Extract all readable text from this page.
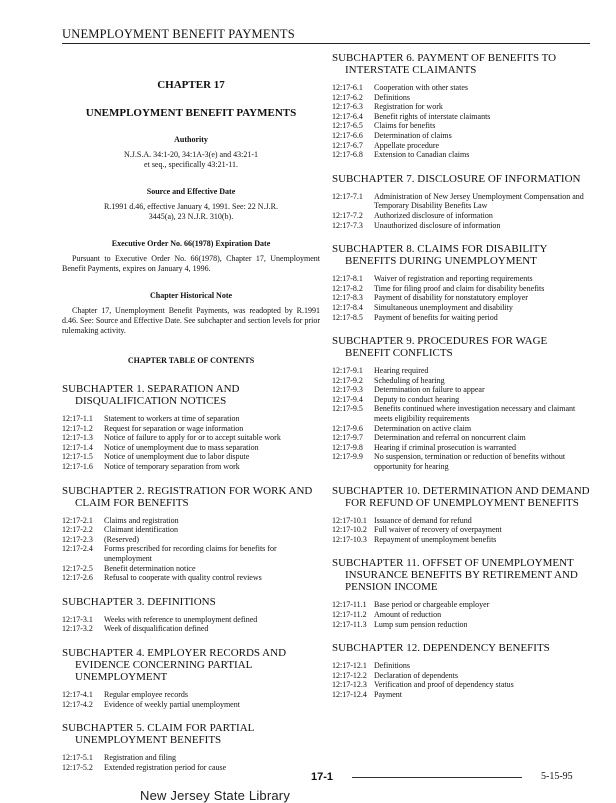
UNEMPLOYMENT BENEFIT PAYMENTS
CHAPTER 17
UNEMPLOYMENT BENEFIT PAYMENTS
Authority
N.J.S.A. 34:1-20, 34:1A-3(e) and 43:21-1 et seq., specifically 43:21-11.
Source and Effective Date
R.1991 d.46, effective January 4, 1991. See: 22 N.J.R. 3445(a), 23 N.J.R. 310(b).
Executive Order No. 66(1978) Expiration Date
Pursuant to Executive Order No. 66(1978), Chapter 17, Unemployment Benefit Payments, expires on January 4, 1996.
Chapter Historical Note
Chapter 17, Unemployment Benefit Payments, was readopted by R.1991 d.46. See: Source and Effective Date. See subchapter and section levels for prior rulemaking activity.
CHAPTER TABLE OF CONTENTS
SUBCHAPTER 1. SEPARATION AND DISQUALIFICATION NOTICES
12:17-1.1	Statement to workers at time of separation
12:17-1.2	Request for separation or wage information
12:17-1.3	Notice of failure to apply for or to accept suitable work
12:17-1.4	Notice of unemployment due to mass separation
12:17-1.5	Notice of unemployment due to labor dispute
12:17-1.6	Notice of temporary separation from work
SUBCHAPTER 2. REGISTRATION FOR WORK AND CLAIM FOR BENEFITS
12:17-2.1	Claims and registration
12:17-2.2	Claimant identification
12:17-2.3	(Reserved)
12:17-2.4	Forms prescribed for recording claims for benefits for unemployment
12:17-2.5	Benefit determination notice
12:17-2.6	Refusal to cooperate with quality control reviews
SUBCHAPTER 3. DEFINITIONS
12:17-3.1	Weeks with reference to unemployment defined
12:17-3.2	Week of disqualification defined
SUBCHAPTER 4. EMPLOYER RECORDS AND EVIDENCE CONCERNING PARTIAL UNEMPLOYMENT
12:17-4.1	Regular employee records
12:17-4.2	Evidence of weekly partial unemployment
SUBCHAPTER 5. CLAIM FOR PARTIAL UNEMPLOYMENT BENEFITS
12:17-5.1	Registration and filing
12:17-5.2	Extended registration period for cause
SUBCHAPTER 6. PAYMENT OF BENEFITS TO INTERSTATE CLAIMANTS
12:17-6.1	Cooperation with other states
12:17-6.2	Definitions
12:17-6.3	Registration for work
12:17-6.4	Benefit rights of interstate claimants
12:17-6.5	Claims for benefits
12:17-6.6	Determination of claims
12:17-6.7	Appellate procedure
12:17-6.8	Extension to Canadian claims
SUBCHAPTER 7. DISCLOSURE OF INFORMATION
12:17-7.1	Administration of New Jersey Unemployment Compensation and Temporary Disability Benefits Law
12:17-7.2	Authorized disclosure of information
12:17-7.3	Unauthorized disclosure of information
SUBCHAPTER 8. CLAIMS FOR DISABILITY BENEFITS DURING UNEMPLOYMENT
12:17-8.1	Waiver of registration and reporting requirements
12:17-8.2	Time for filing proof and claim for disability benefits
12:17-8.3	Payment of disability for nonstatutory employer
12:17-8.4	Simultaneous unemployment and disability
12:17-8.5	Payment of benefits for waiting period
SUBCHAPTER 9. PROCEDURES FOR WAGE BENEFIT CONFLICTS
12:17-9.1	Hearing required
12:17-9.2	Scheduling of hearing
12:17-9.3	Determination on failure to appear
12:17-9.4	Deputy to conduct hearing
12:17-9.5	Benefits continued where investigation necessary and claimant meets eligibility requirements
12:17-9.6	Determination on active claim
12:17-9.7	Determination and referral on noncurrent claim
12:17-9.8	Hearing if criminal prosecution is warranted
12:17-9.9	No suspension, termination or reduction of benefits without opportunity for hearing
SUBCHAPTER 10. DETERMINATION AND DEMAND FOR REFUND OF UNEMPLOYMENT BENEFITS
12:17-10.1 Issuance of demand for refund
12:17-10.2 Full waiver of recovery of overpayment
12:17-10.3 Repayment of unemployment benefits
SUBCHAPTER 11. OFFSET OF UNEMPLOYMENT INSURANCE BENEFITS BY RETIREMENT AND PENSION INCOME
12:17-11.1 Base period or chargeable employer
12:17-11.2 Amount of reduction
12:17-11.3 Lump sum pension reduction
SUBCHAPTER 12. DEPENDENCY BENEFITS
12:17-12.1 Definitions
12:17-12.2 Declaration of dependents
12:17-12.3 Verification and proof of dependency status
12:17-12.4 Payment
17-1	5-15-95
New Jersey State Library
